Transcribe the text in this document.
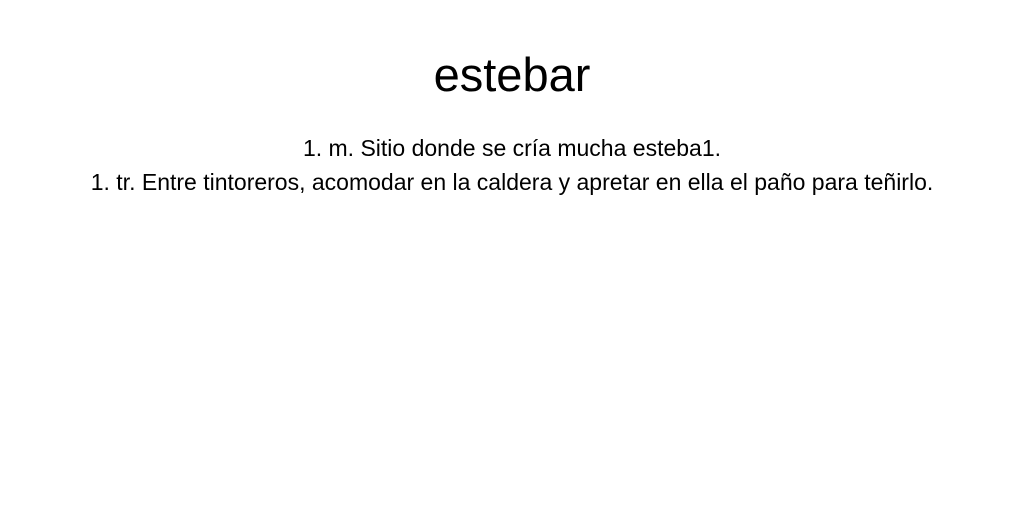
estebar

1. m. Sitio donde se cría mucha esteba1.

1. tr. Entre tintoreros, acomodar en la caldera y apretar en ella el paño para teñirlo.
